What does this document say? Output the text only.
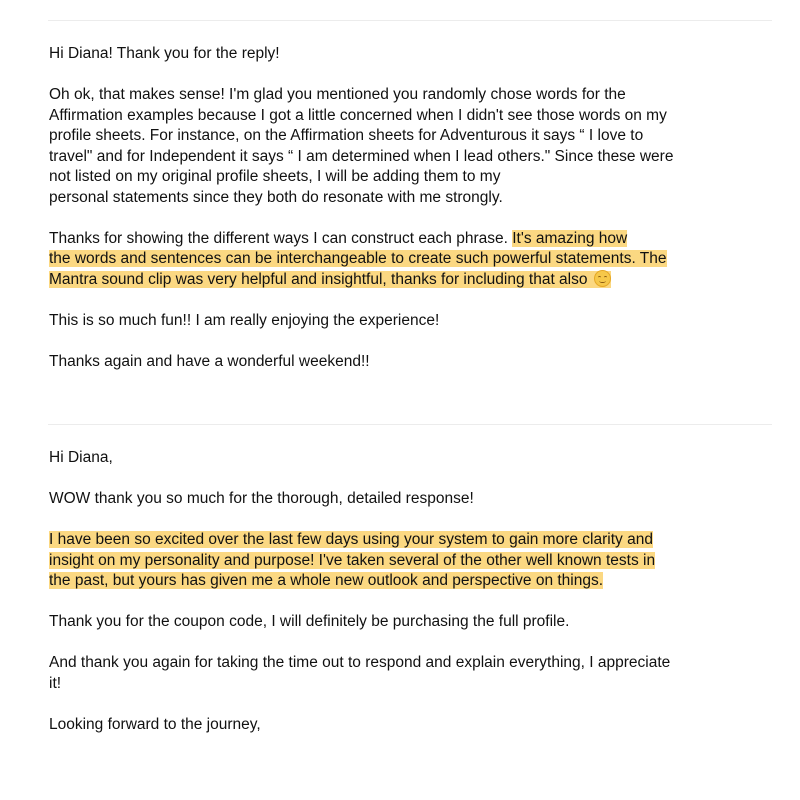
Hi Diana! Thank you for the reply!

Oh ok, that makes sense! I'm glad you mentioned you randomly chose words for the
Affirmation examples because I got a little concerned when I didn't see those words on my
profile sheets. For instance, on the Affirmation sheets for Adventurous it says “ I love to
travel" and for Independent it says “ I am determined when I lead others." Since these were
not listed on my original profile sheets, I will be adding them to my
personal statements since they both do resonate with me strongly.

Thanks for showing the different ways I can construct each phrase. It's amazing how
the words and sentences can be interchangeable to create such powerful statements. The
Mantra sound clip was very helpful and insightful, thanks for including that also

This is so much fun!! I am really enjoying the experience!

Thanks again and have a wonderful weekend!!

Hi Diana,

WOW thank you so much for the thorough, detailed response!

I have been so excited over the last few days using your system to gain more clarity and
insight on my personality and purpose! I've taken several of the other well known tests in
the past, but yours has given me a whole new outlook and perspective on things.

Thank you for the coupon code, I will definitely be purchasing the full profile.

And thank you again for taking the time out to respond and explain everything, I appreciate
it!

Looking forward to the journey,
